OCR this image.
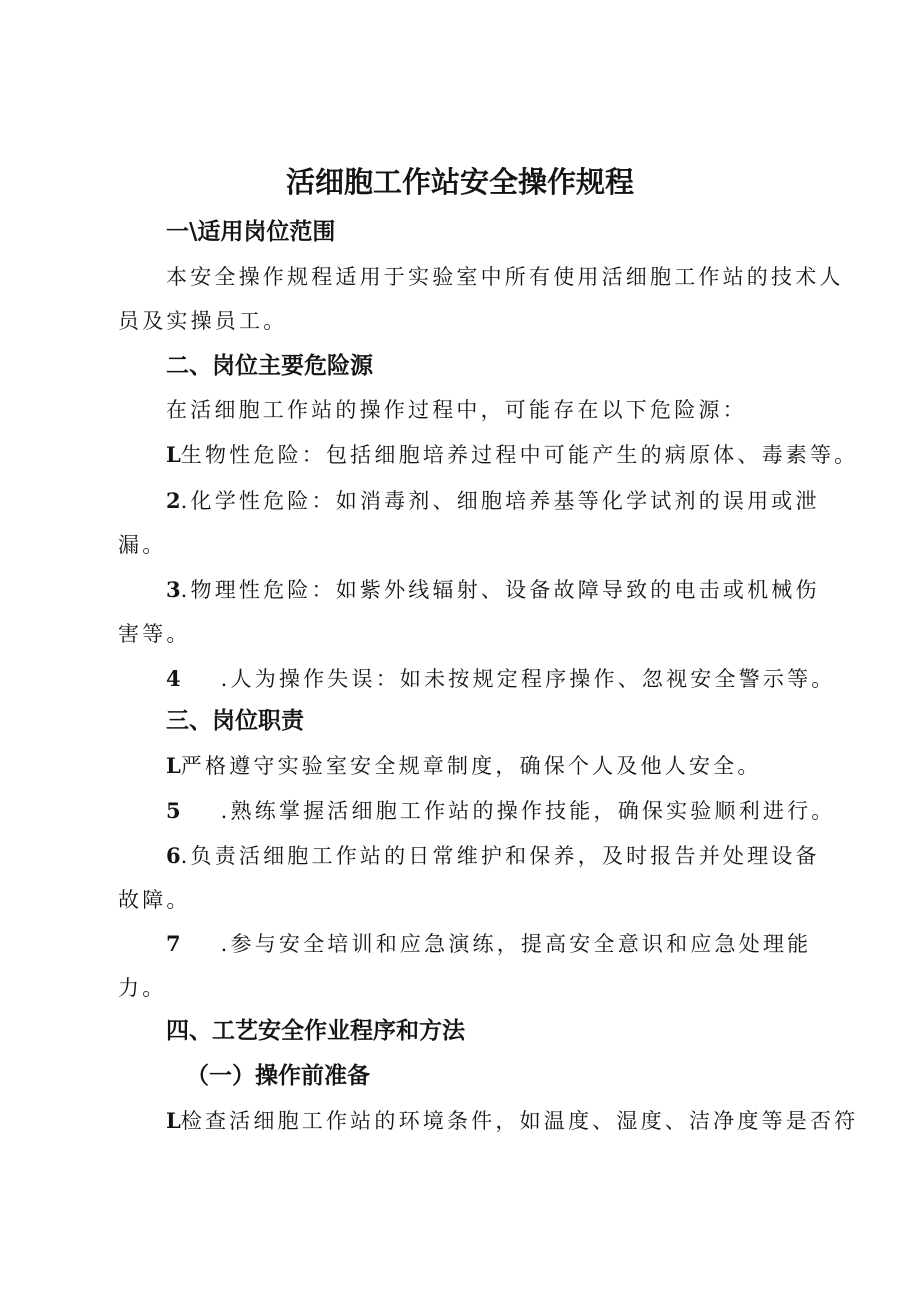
活细胞工作站安全操作规程
一\适用岗位范围
本安全操作规程适用于实验室中所有使用活细胞工作站的技术人
员及实操员工。
二、岗位主要危险源
在活细胞工作站的操作过程中，可能存在以下危险源：
L生物性危险：包括细胞培养过程中可能产生的病原体、毒素等。
2.化学性危险：如消毒剂、细胞培养基等化学试剂的误用或泄
漏。
3.物理性危险：如紫外线辐射、设备故障导致的电击或机械伤
害等。
4 .人为操作失误：如未按规定程序操作、忽视安全警示等。
三、岗位职责
L严格遵守实验室安全规章制度，确保个人及他人安全。
5 .熟练掌握活细胞工作站的操作技能，确保实验顺利进行。
6.负责活细胞工作站的日常维护和保养，及时报告并处理设备
故障。
7 .参与安全培训和应急演练，提高安全意识和应急处理能
力。
四、工艺安全作业程序和方法
（一）操作前准备
L检查活细胞工作站的环境条件，如温度、湿度、洁净度等是否符
